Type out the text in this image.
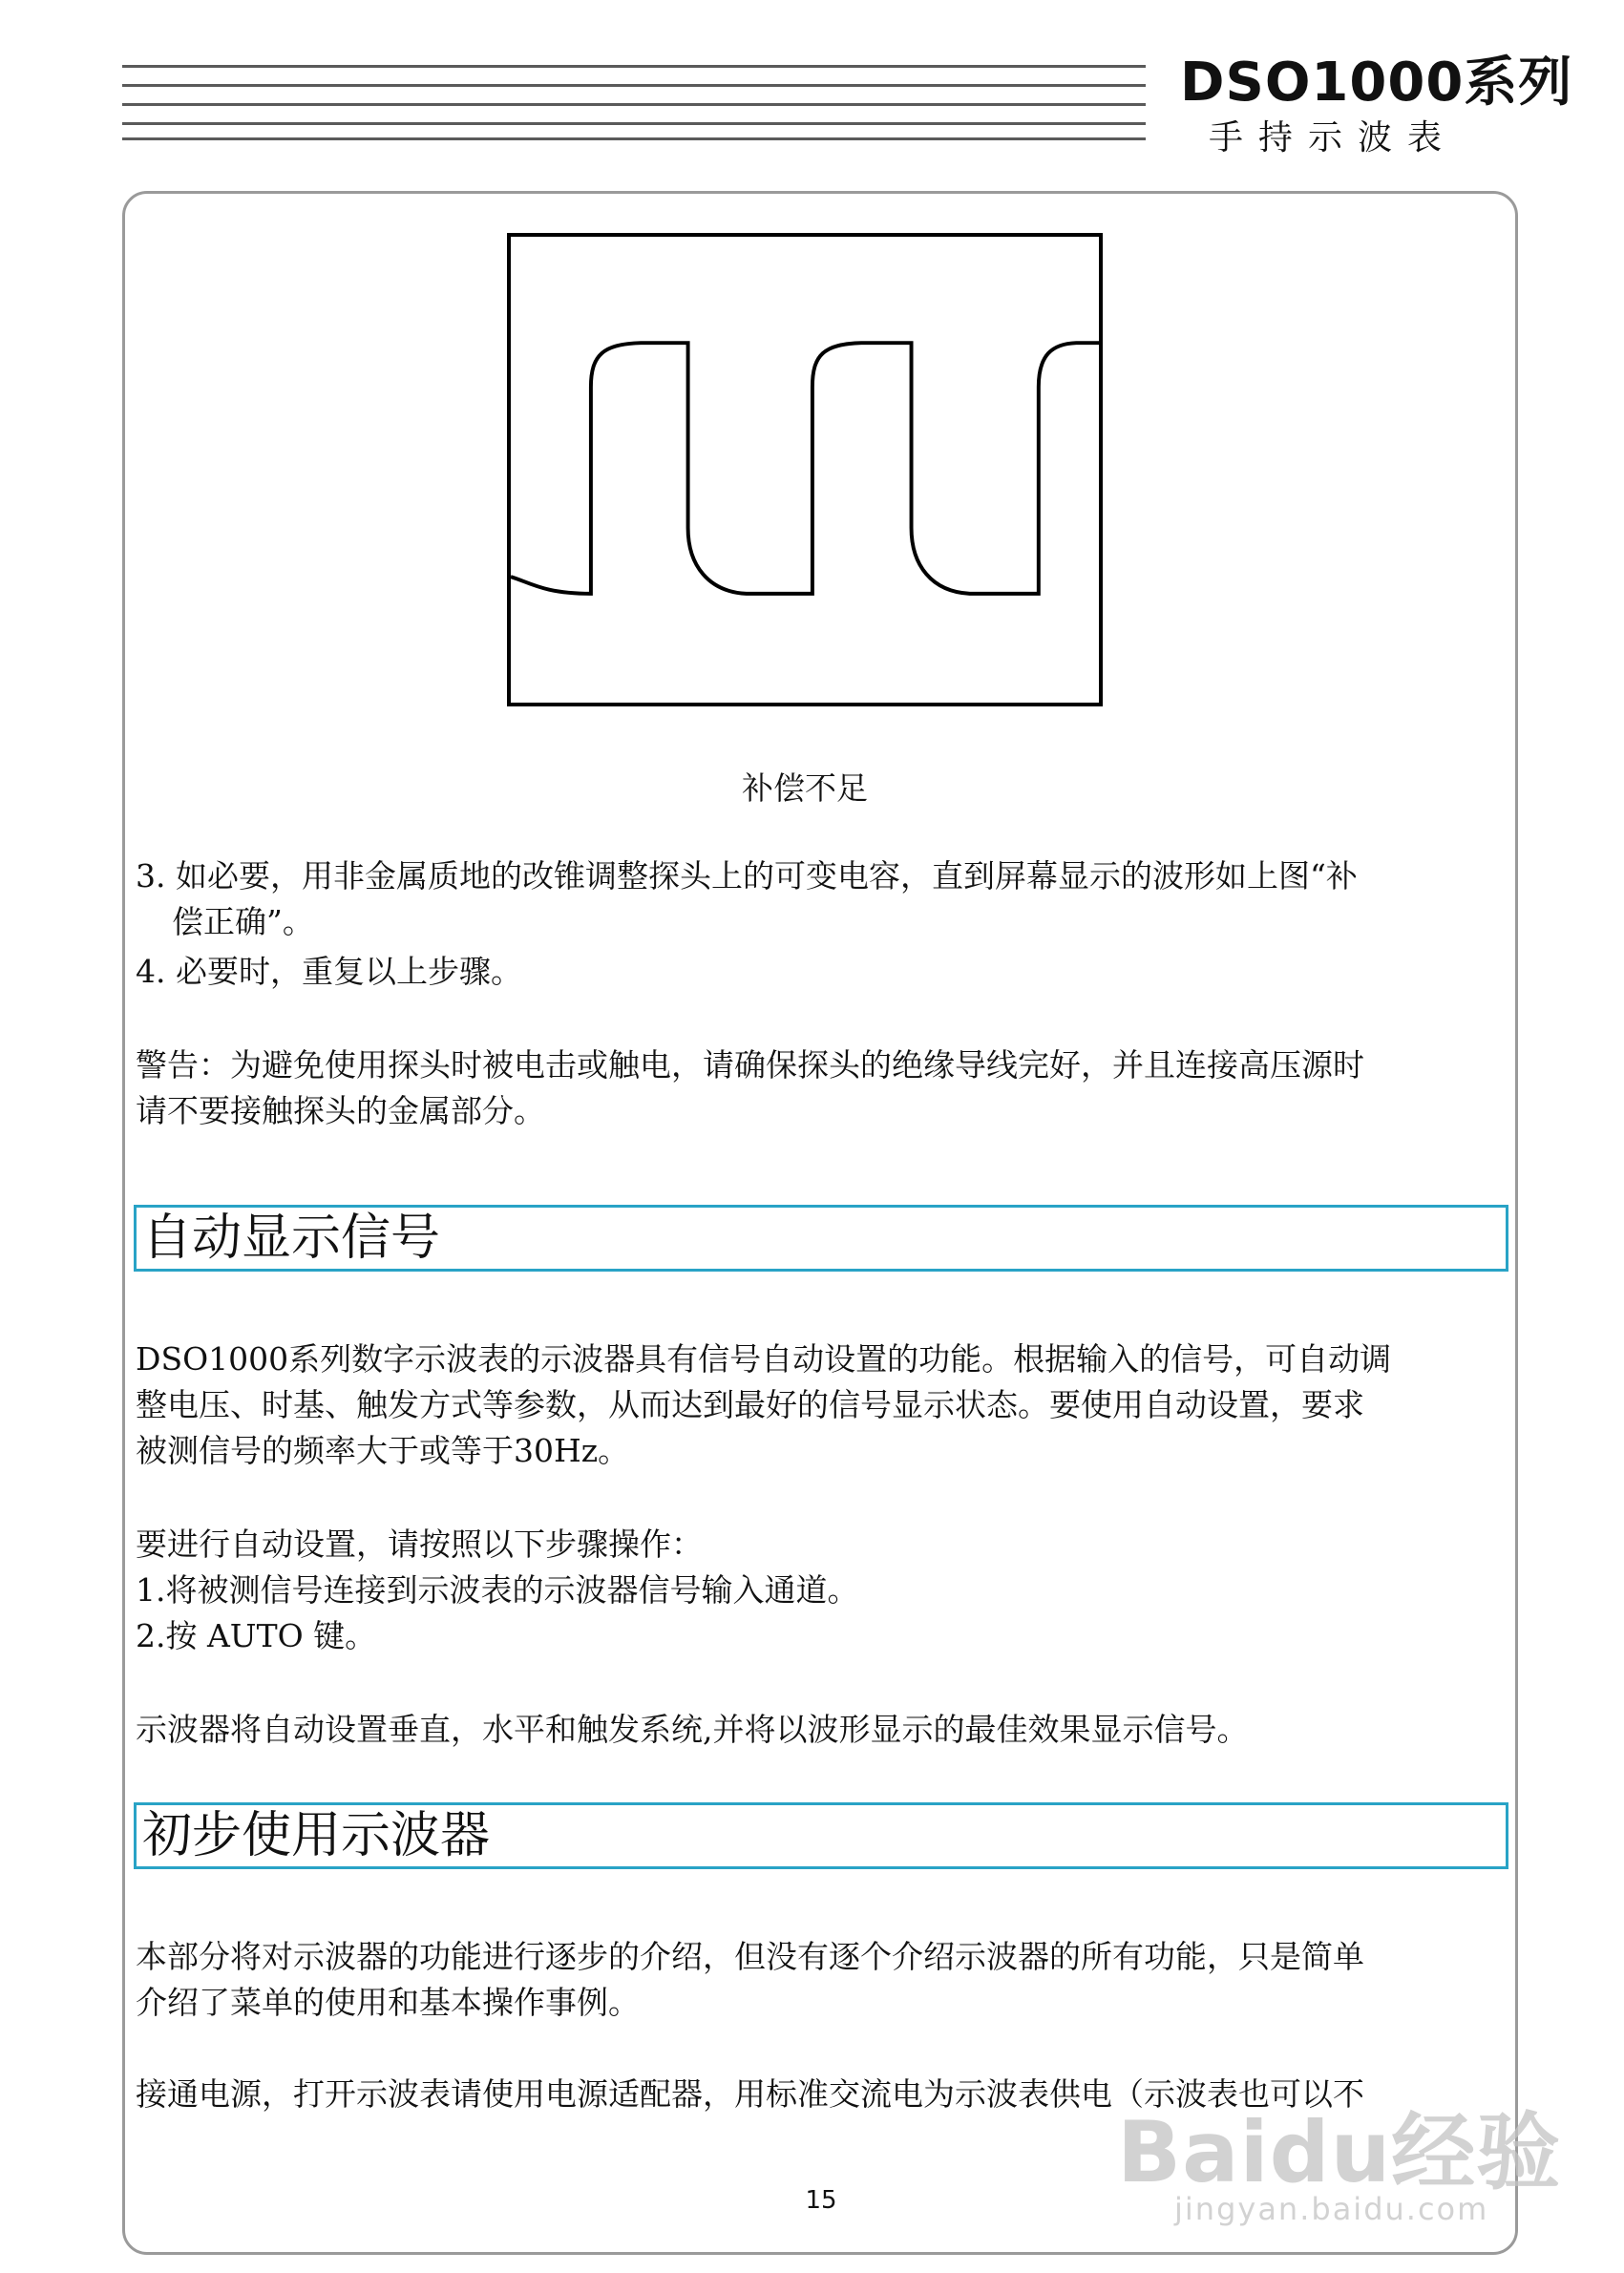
DSO1000系列
手持示波表
补偿不足

3. 如必要，用非金属质地的改锥调整探头上的可变电容，直到屏幕显示的波形如上图“补
偿正确”。

4. 必要时，重复以上步骤。

警告：为避免使用探头时被电击或触电，请确保探头的绝缘导线完好，并且连接高压源时
请不要接触探头的金属部分。

自动显示信号

DSO1000系列数字示波表的示波器具有信号自动设置的功能。根据输入的信号，可自动调
整电压、时基、触发方式等参数，从而达到最好的信号显示状态。要使用自动设置，要求
被测信号的频率大于或等于30Hz。

要进行自动设置，请按照以下步骤操作：
1.将被测信号连接到示波表的示波器信号输入通道。
2.按 AUTO 键。

示波器将自动设置垂直，水平和触发系统,并将以波形显示的最佳效果显示信号。

初步使用示波器

本部分将对示波器的功能进行逐步的介绍，但没有逐个介绍示波器的所有功能，只是简单
介绍了菜单的使用和基本操作事例。

接通电源，打开示波表请使用电源适配器，用标准交流电为示波表供电（示波表也可以不

15	Baidu经验
jingyan.baidu.com
